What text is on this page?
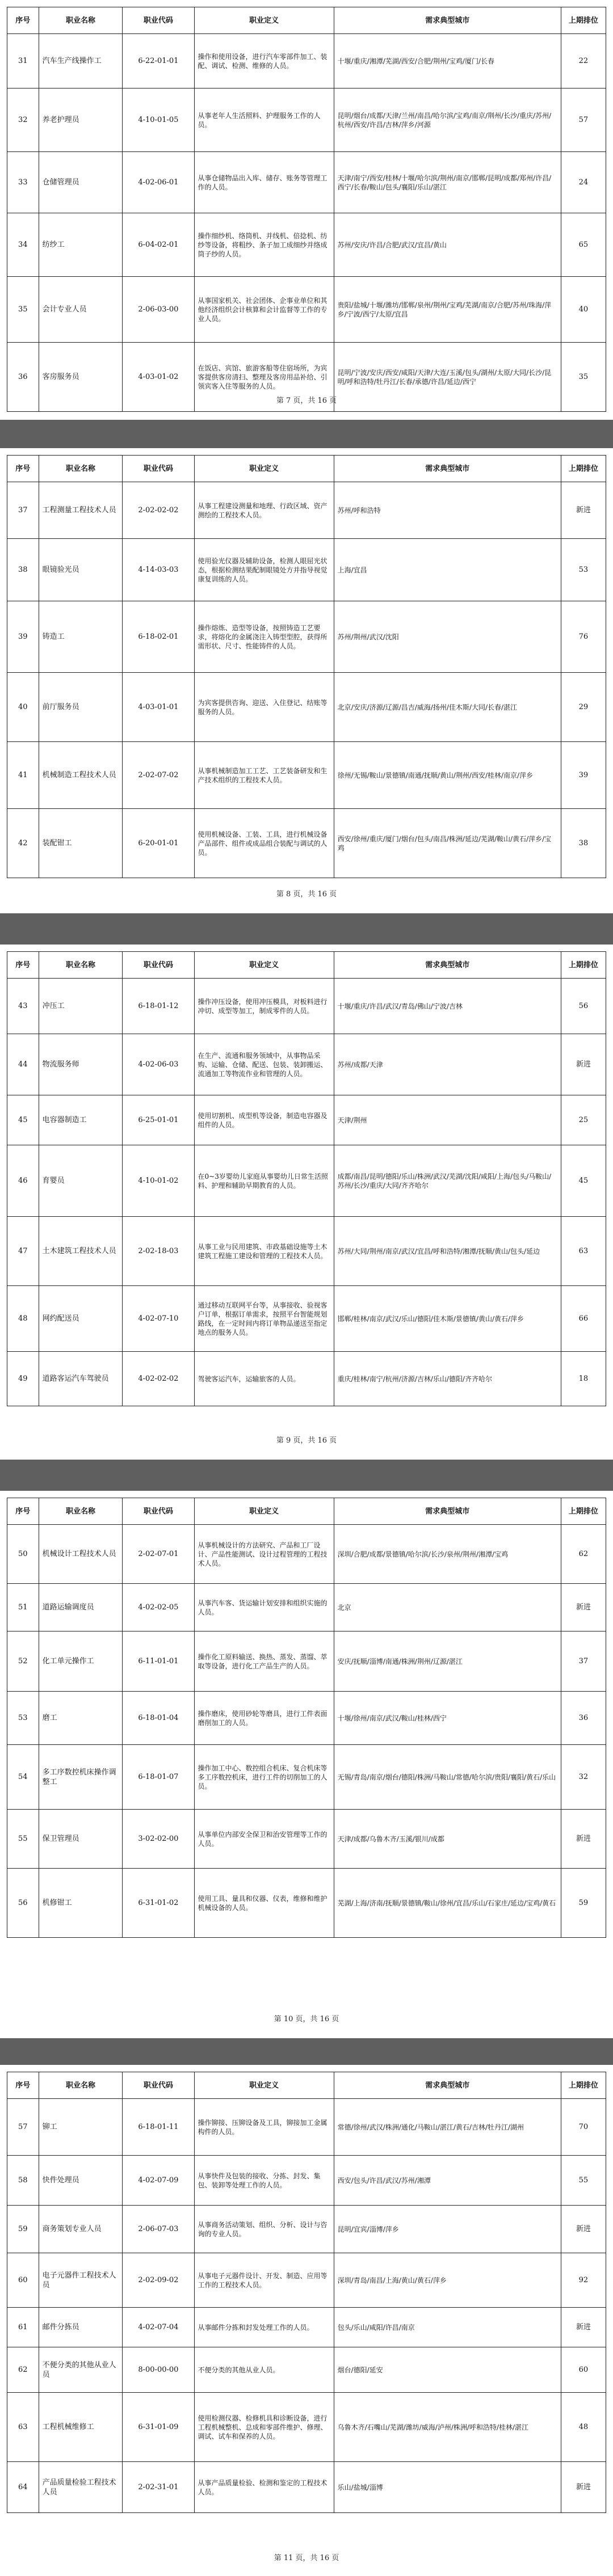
序号	职业名称	职业代码	职业定义	需求典型城市	上期排位
31	汽车生产线操作工	6-22-01-01	操作和使用设备，进行汽车零部件加工、装配、调试、检测、维修的人员。	十堰/重庆/湘潭/芜湖/西安/合肥/荆州/宝鸡/厦门/长春	22
32	养老护理员	4-10-01-05	从事老年人生活照料、护理服务工作的人员。	昆明/烟台/成都/天津/兰州/南昌/哈尔滨/宝鸡/南京/荆州/长沙/重庆/苏州/杭州/西安/许昌/吉林/萍乡/河源	57
33	仓储管理员	4-02-06-01	从事仓储物品出入库、储存、账务等管理工作的人员。	天津/南宁/西安/桂林/十堰/哈尔滨/荆州/南京/邯郸/昆明/成都/郑州/许昌/西宁/长春/鞍山/包头/襄阳/乐山/湛江	24
34	纺纱工	6-04-02-01	操作细纱机、络筒机、并线机、倍捻机、纺纱等设备，将粗纱、条子加工成细纱并络成筒子纱的人员。	苏州/安庆/许昌/合肥/武汉/宜昌/黄山	65
35	会计专业人员	2-06-03-00	从事国家机关、社会团体、企事业单位和其他经济组织会计核算和会计监督等工作的专业人员。	贵阳/盐城/十堰/潍坊/邯郸/泉州/荆州/宝鸡/芜湖/南京/合肥/苏州/珠海/萍乡/宁波/西宁/太原/宜昌	40
36	客房服务员	4-03-01-02	在饭店、宾馆、旅游客船等住宿场所，为宾客提供客房清扫、整理及客房用品补给、引领宾客入住等服务的人员。	昆明/宁波/安庆/西安/咸阳/天津/大连/玉溪/包头/湖州/太原/大同/长沙/昆明/呼和浩特/牡丹江/长春/承德/许昌/延边/西宁	35
第 7 页，共 16 页
序号	职业名称	职业代码	职业定义	需求典型城市	上期排位
37	工程测量工程技术人员	2-02-02-02	从事工程建设测量和地理、行政区域、资产测绘的工程技术人员。	苏州/呼和浩特	新进
38	眼镜验光员	4-14-03-03	使用验光仪器及辅助设备，检测人眼屈光状态，根据检测结果配制眼镜处方并指导视觉康复训练的人员。	上海/宜昌	53
39	铸造工	6-18-02-01	操作熔炼、造型等设备，按照铸造工艺要求，将熔化的金属浇注入铸型型腔，获得所需形状、尺寸、性能铸件的人员。	苏州/荆州/武汉/沈阳	76
40	前厅服务员	4-03-01-01	为宾客提供咨询、迎送、入住登记、结账等服务的人员。	北京/安庆/济源/辽源/昌吉/威海/扬州/佳木斯/大同/长春/湛江	29
41	机械制造工程技术人员	2-02-07-02	从事机械制造加工工艺、工艺装备研发和生产技术组织的工程技术人员。	徐州/无锡/鞍山/景德镇/南通/抚顺/黄山/荆州/西安/桂林/南京/萍乡	39
42	装配钳工	6-20-01-01	使用机械设备、工装、工具，进行机械设备产品部件、组件或成品组合装配与调试的人员。	西安/徐州/重庆/厦门/烟台/包头/南昌/株洲/延边/芜湖/鞍山/黄石/萍乡/宝鸡	38
第 8 页，共 16 页
序号	职业名称	职业代码	职业定义	需求典型城市	上期排位
43	冲压工	6-18-01-12	操作冲压设备，使用冲压模具，对板料进行冲切、成型等加工，制成零件的人员。	十堰/重庆/许昌/武汉/青岛/佛山/宁波/吉林	56
44	物流服务师	4-02-06-03	在生产、流通和服务领域中，从事物品采购、运输、仓储、配送、包装、装卸搬运、流通加工等物流作业和管理的人员。	苏州/成都/天津	新进
45	电容器制造工	6-25-01-01	使用切割机、成型机等设备，制造电容器及组件的人员。	天津/荆州	25
46	育婴员	4-10-01-02	在0~3岁婴幼儿家庭从事婴幼儿日常生活照料、护理和辅助早期教育的人员。	成都/南昌/昆明/德阳/乐山/株洲/武汉/芜湖/沈阳/咸阳/上海/包头/马鞍山/苏州/长沙/重庆/大同/齐齐哈尔	45
47	土木建筑工程技术人员	2-02-18-03	从事工业与民用建筑、市政基础设施等土木建筑工程施工建设和管理的工程技术人员。	苏州/大同/荆州/南京/武汉/宜昌/呼和浩特/湘潭/抚顺/黄山/包头/延边	63
48	网约配送员	4-02-07-10	通过移动互联网平台等，从事接收、验视客户订单，根据订单需求，按照平台智能规划路线，在一定时间内将订单物品递送至指定地点的服务人员。	邯郸/桂林/南京/武汉/乐山/德阳/佳木斯/景德镇/黄山/黄石/萍乡	66
49	道路客运汽车驾驶员	4-02-02-02	驾驶客运汽车，运输旅客的人员。	重庆/桂林/南宁/杭州/济源/吉林/乐山/德阳/齐齐哈尔	18
第 9 页，共 16 页
序号	职业名称	职业代码	职业定义	需求典型城市	上期排位
50	机械设计工程技术人员	2-02-07-01	从事机械设计的方法研究、产品和工厂设计、产品性能测试、设计过程管理的工程技术人员。	深圳/合肥/成都/景德镇/哈尔滨/长沙/泉州/荆州/湘潭/宝鸡	62
51	道路运输调度员	4-02-02-05	从事汽车客、货运输计划安排和组织实施的人员。	北京	新进
52	化工单元操作工	6-11-01-01	操作化工原料输送、换热、蒸发、蒸馏、萃取等设备，进行化工产品生产的人员。	安庆/抚顺/淄博/南通/株洲/荆州/辽源/湛江	37
53	磨工	6-18-01-04	操作磨床，使用砂轮等磨具，进行工件表面磨削加工的人员。	十堰/徐州/南京/武汉/鞍山/桂林/西宁	36
54	多工序数控机床操作调整工	6-18-01-07	操作加工中心、数控组合机床、复合机床等多工序数控机床，进行工件的切削加工的人员。	无锡/青岛/南京/烟台/德阳/株洲/马鞍山/常德/哈尔滨/贵阳/襄阳/黄石/乐山	32
55	保卫管理员	3-02-02-00	从事单位内部安全保卫和治安管理等工作的人员。	天津/成都/乌鲁木齐/玉溪/银川/成都	新进
56	机修钳工	6-31-01-02	使用工具、量具和仪器、仪表，维修和维护机械设备的人员。	芜湖/上海/济南/抚顺/景德镇/鞍山/徐州/宜昌/乐山/石家庄/延边/宝鸡/黄石	59
第 10 页，共 16 页
序号	职业名称	职业代码	职业定义	需求典型城市	上期排位
57	铆工	6-18-01-11	操作铆接、压铆设备及工具，铆接加工金属构件的人员。	常德/徐州/武汉/株洲/通化/马鞍山/湛江/黄石/吉林/牡丹江/湖州	70
58	快件处理员	4-02-07-09	从事快件及包装的接收、分拣、封发、集包、装卸等处理工作的人员。	西安/包头/许昌/武汉/苏州/湘潭	55
59	商务策划专业人员	2-06-07-03	从事商务活动策划、组织、分析、设计与咨询的专业人员。	昆明/宜宾/淄博/萍乡	新进
60	电子元器件工程技术人员	2-02-09-02	从事电子元器件设计、开发、制造、应用等工作的工程技术人员。	深圳/青岛/南昌/上海/黄山/黄石/萍乡	92
61	邮件分拣员	4-02-07-04	从事邮件分拣和封发处理工作的人员。	包头/乐山/咸阳/许昌/南京	新进
62	不便分类的其他从业人员	8-00-00-00	不便分类的其他从业人员。	烟台/德阳/延安	60
63	工程机械维修工	6-31-01-09	使用检测仪器、检修机具和诊断设备，进行工程机械整机、总成和零部件维护、修理、调试、试车和保养的人员。	乌鲁木齐/石嘴山/芜湖/潍坊/威海/泸州/株洲/呼和浩特/桂林/湛江	48
64	产品质量检验工程技术人员	2-02-31-01	从事产品质量检验、检测和鉴定的工程技术人员。	乐山/盐城/淄博	新进
第 11 页，共 16 页
